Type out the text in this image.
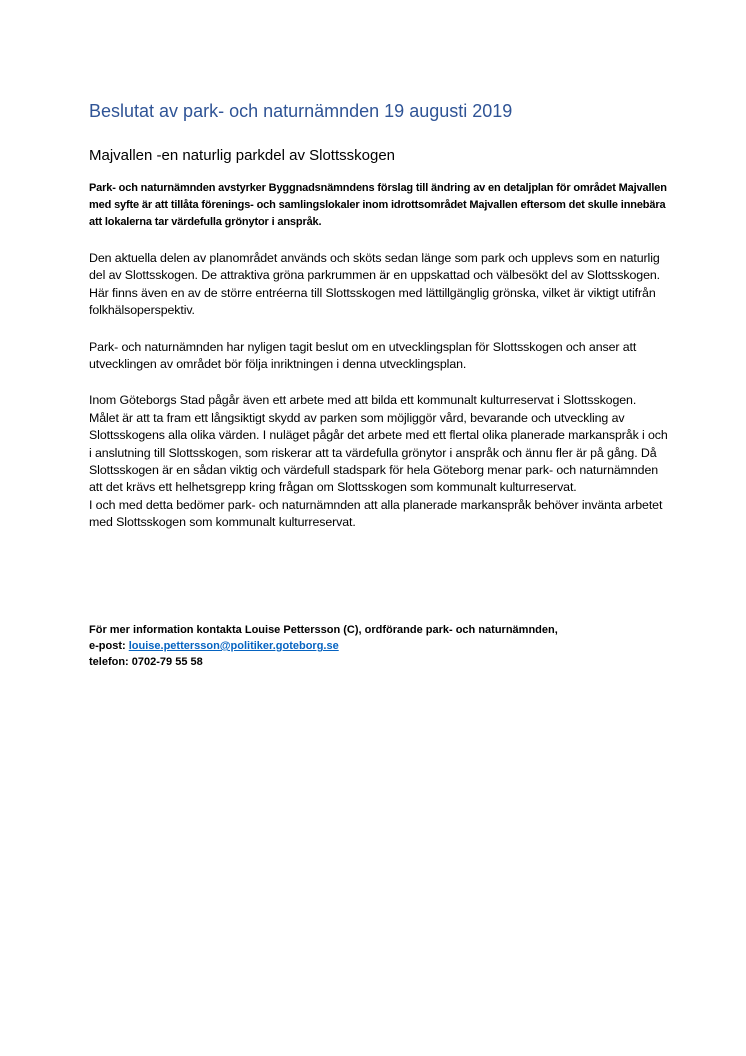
Beslutat av park- och naturnämnden 19 augusti 2019
Majvallen -en naturlig parkdel av Slottsskogen

Park- och naturnämnden avstyrker Byggnadsnämndens förslag till ändring av en detaljplan för området Majvallen med syfte är att tillåta förenings- och samlingslokaler inom idrottsområdet Majvallen eftersom det skulle innebära att lokalerna tar värdefulla grönytor i anspråk.

Den aktuella delen av planområdet används och sköts sedan länge som park och upplevs som en naturlig del av Slottsskogen. De attraktiva gröna parkrummen är en uppskattad och välbesökt del av Slottsskogen. Här finns även en av de större entréerna till Slottsskogen med lättillgänglig grönska, vilket är viktigt utifrån folkhälsoperspektiv.

Park- och naturnämnden har nyligen tagit beslut om en utvecklingsplan för Slottsskogen och anser att utvecklingen av området bör följa inriktningen i denna utvecklingsplan.

Inom Göteborgs Stad pågår även ett arbete med att bilda ett kommunalt kulturreservat i Slottsskogen. Målet är att ta fram ett långsiktigt skydd av parken som möjliggör vård, bevarande och utveckling av Slottsskogens alla olika värden. I nuläget pågår det arbete med ett flertal olika planerade markanspråk i och i anslutning till Slottsskogen, som riskerar att ta värdefulla grönytor i anspråk och ännu fler är på gång. Då Slottsskogen är en sådan viktig och värdefull stadspark för hela Göteborg menar park- och naturnämnden att det krävs ett helhetsgrepp kring frågan om Slottsskogen som kommunalt kulturreservat.

I och med detta bedömer park- och naturnämnden att alla planerade markanspråk behöver invänta arbetet med Slottsskogen som kommunalt kulturreservat.

För mer information kontakta Louise Pettersson (C), ordförande park- och naturnämnden,
e-post: louise.pettersson@politiker.goteborg.se
telefon: 0702-79 55 58
